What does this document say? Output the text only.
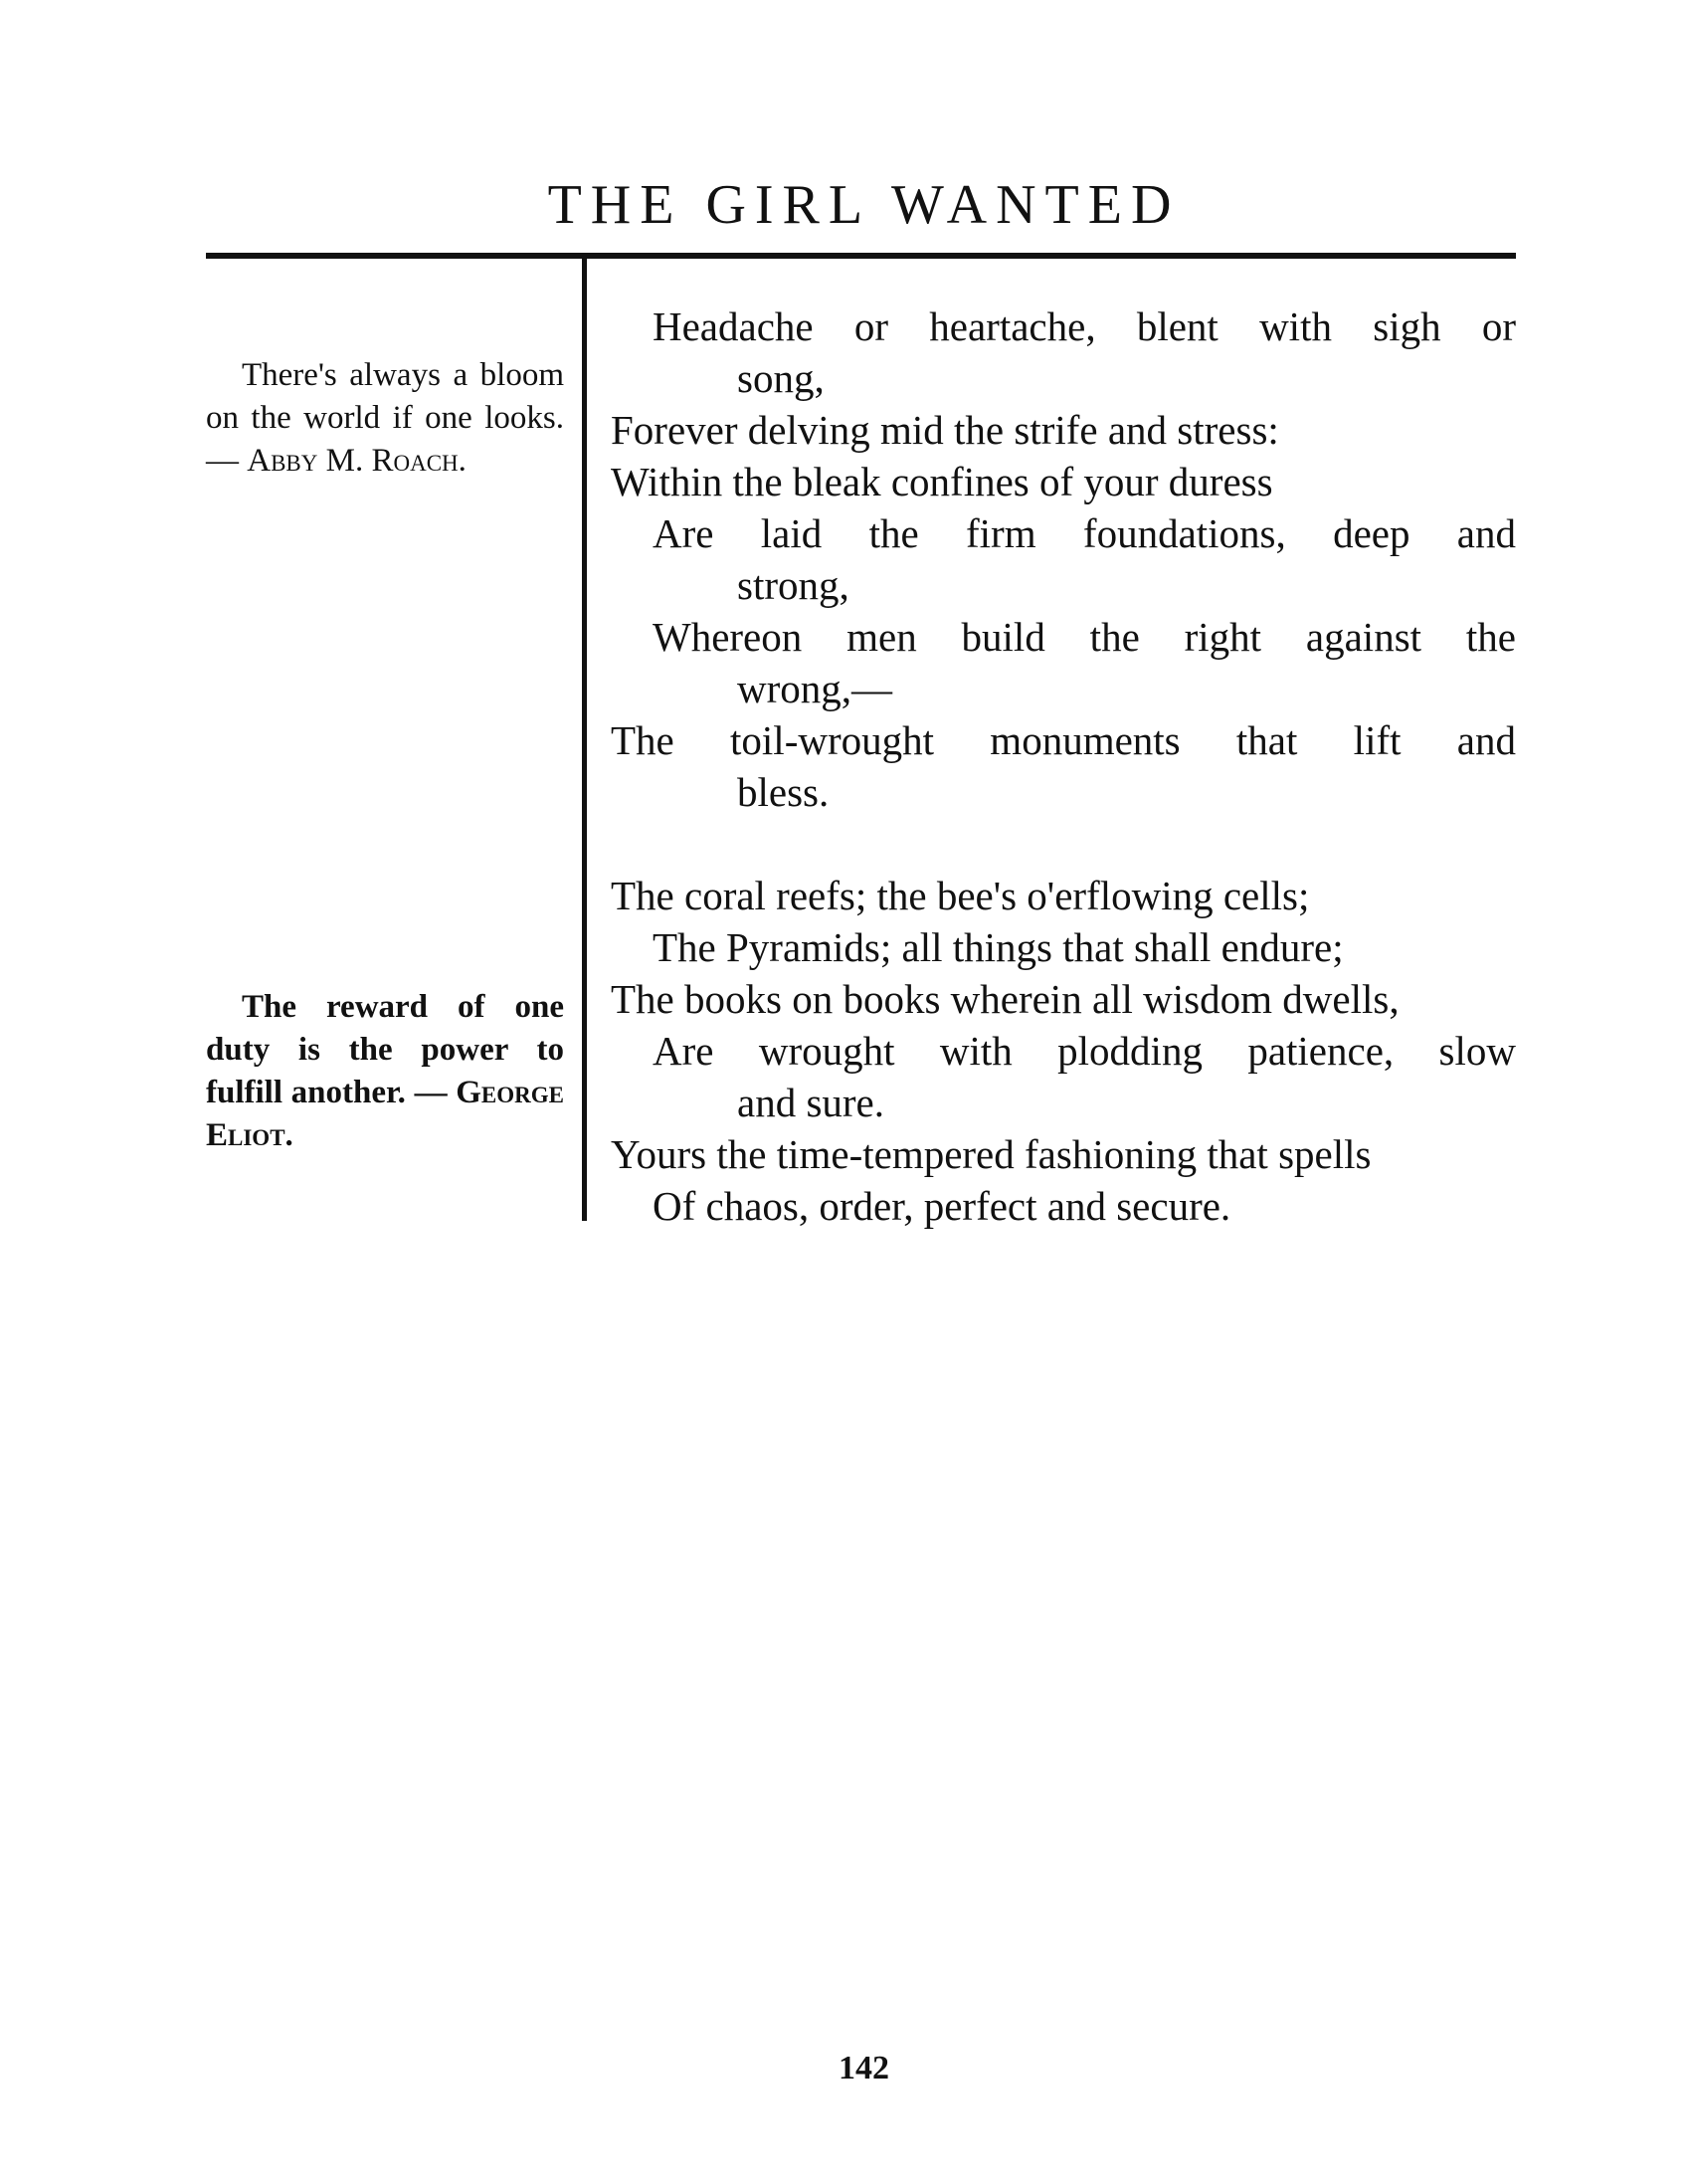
THE GIRL WANTED
There's always a bloom on the world if one looks. — Abby M. Roach.
The reward of one duty is the power to fulfill another. — George Eliot.
Headache or heartache, blent with sigh or
song,
Forever delving mid the strife and stress:
Within the bleak confines of your duress
Are laid the firm foundations, deep and
strong,
Whereon men build the right against the
wrong,—
The toil-wrought monuments that lift and
bless.
The coral reefs; the bee's o'erflowing cells;
The Pyramids; all things that shall endure;
The books on books wherein all wisdom dwells,
Are wrought with plodding patience, slow
and sure.
Yours the time-tempered fashioning that spells
Of chaos, order, perfect and secure.
142
